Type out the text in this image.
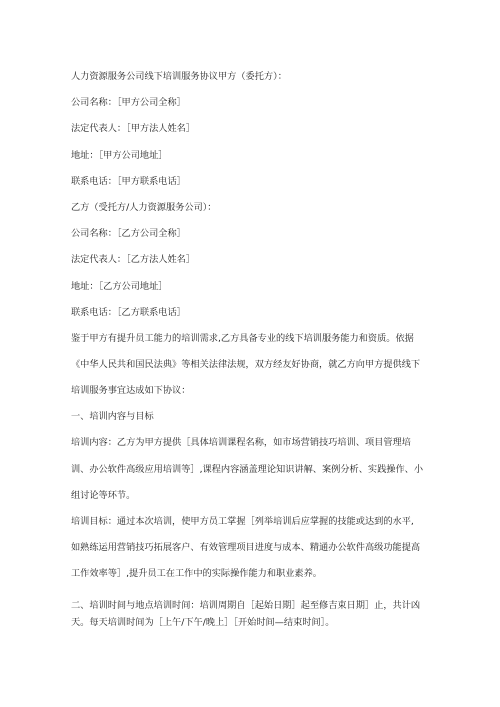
人力资源服务公司线下培训服务协议甲方（委托方）：
公司名称：［甲方公司全称］
法定代表人：［甲方法人姓名］
地址：［甲方公司地址］
联系电话：［甲方联系电话］
乙方（受托方/人力资源服务公司）：
公司名称：［乙方公司全称］
法定代表人：［乙方法人姓名］
地址：［乙方公司地址］
联系电话：［乙方联系电话］
鉴于甲方有提升员工能力的培训需求,乙方具备专业的线下培训服务能力和资质。依据
《中华人民共和国民法典》等相关法律法规，双方经友好协商，就乙方向甲方提供线下
培训服务事宜达成如下协议：
一、培训内容与目标
培训内容：乙方为甲方提供［具体培训课程名称，如市场营销技巧培训、项目管理培
训、办公软件高级应用培训等］,课程内容涵盖理论知识讲解、案例分析、实践操作、小
组讨论等环节。
培训目标：通过本次培训，使甲方员工掌握［列举培训后应掌握的技能或达到的水平,
如熟练运用营销技巧拓展客户、有效管理项目进度与成本、精通办公软件高级功能提高
工作效率等］,提升员工在工作中的实际操作能力和职业素养。
二、培训时间与地点培训时间：培训周期自［起始日期］起至修吉束日期］止，共计凶
天。每天培训时间为［上午/下午/晚上］［开始时间—结束时间］。
